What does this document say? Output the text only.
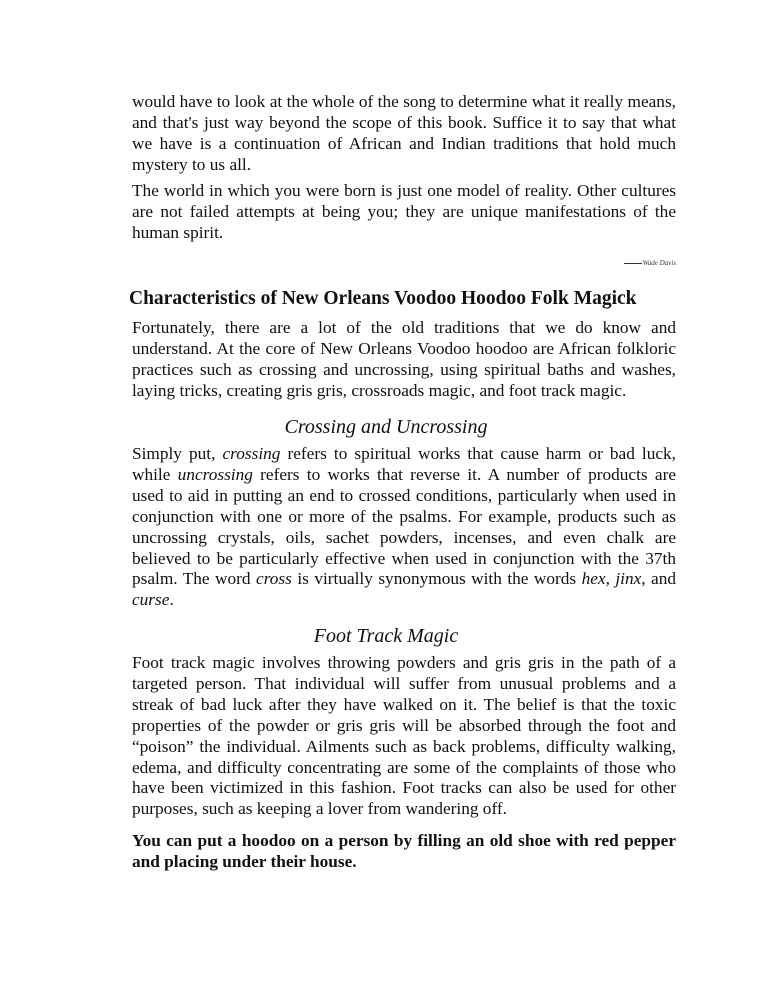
would have to look at the whole of the song to determine what it really means, and that's just way beyond the scope of this book. Suffice it to say that what we have is a continuation of African and Indian traditions that hold much mystery to us all.

The world in which you were born is just one model of reality. Other cultures are not failed attempts at being you; they are unique manifestations of the human spirit.

Wade Davis
Characteristics of New Orleans Voodoo Hoodoo Folk Magick

Fortunately, there are a lot of the old traditions that we do know and understand. At the core of New Orleans Voodoo hoodoo are African folkloric practices such as crossing and uncrossing, using spiritual baths and washes, laying tricks, creating gris gris, crossroads magic, and foot track magic.

Crossing and Uncrossing

Simply put, crossing refers to spiritual works that cause harm or bad luck, while uncrossing refers to works that reverse it. A number of products are used to aid in putting an end to crossed conditions, particularly when used in conjunction with one or more of the psalms. For example, products such as uncrossing crystals, oils, sachet powders, incenses, and even chalk are believed to be particularly effective when used in conjunction with the 37th psalm. The word cross is virtually synonymous with the words hex, jinx, and curse.

Foot Track Magic

Foot track magic involves throwing powders and gris gris in the path of a targeted person. That individual will suffer from unusual problems and a streak of bad luck after they have walked on it. The belief is that the toxic properties of the powder or gris gris will be absorbed through the foot and “poison” the individual. Ailments such as back problems, difficulty walking, edema, and difficulty concentrating are some of the complaints of those who have been victimized in this fashion. Foot tracks can also be used for other purposes, such as keeping a lover from wandering off.

You can put a hoodoo on a person by filling an old shoe with red pepper and placing under their house.
